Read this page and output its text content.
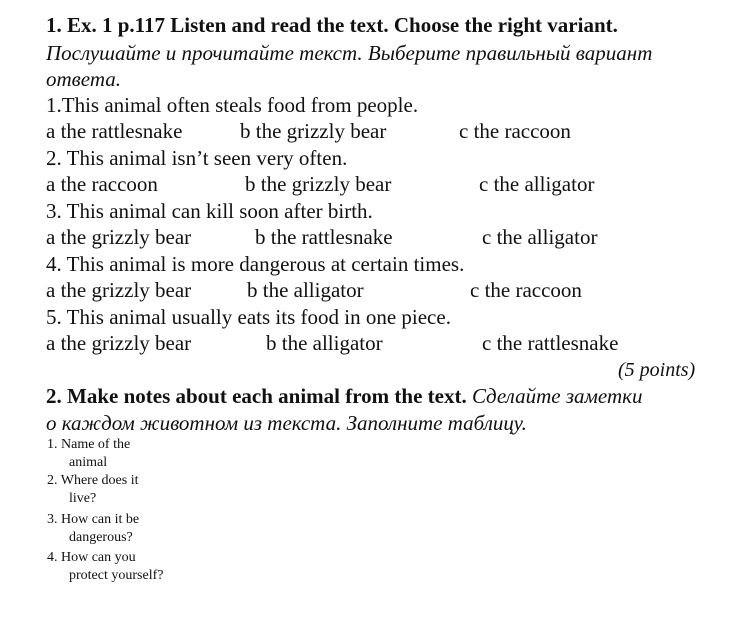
1. Ex. 1 p.117 Listen and read the text. Choose the right variant.
Послушайте и прочитайте текст. Выберите правильный вариант
ответа.
1.This animal often steals food from people.
a the rattlesnake	b the grizzly bear	c the raccoon
2. This animal isn’t seen very often.
a the raccoon	b the grizzly bear	c the alligator
3. This animal can kill soon after birth.
a the grizzly bear	b the rattlesnake	c the alligator
4. This animal is more dangerous at certain times.
a the grizzly bear	b the alligator	c the raccoon
5. This animal usually eats its food in one piece.
a the grizzly bear	b the alligator	c the rattlesnake
(5 points)
2. Make notes about each animal from the text. Сделайте заметки
о каждом животном из текста. Заполните таблицу.
1. Name of the
animal
2. Where does it
live?
3. How can it be
dangerous?
4. How can you
protect yourself?
